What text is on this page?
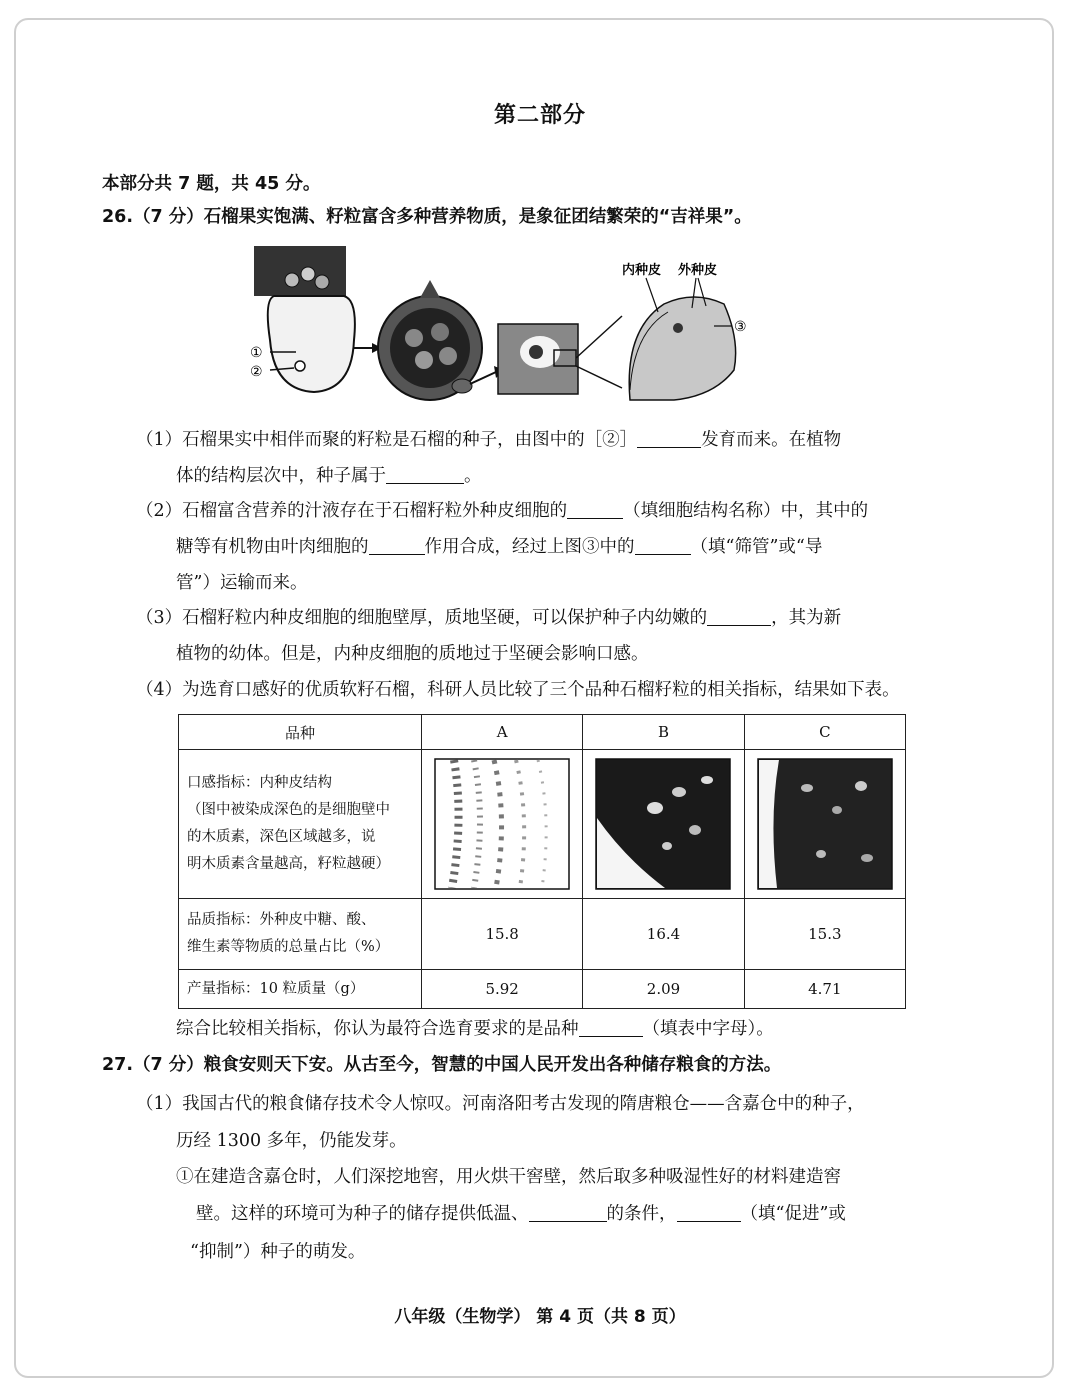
第二部分
本部分共 7 题，共 45 分。
26.（7 分）石榴果实饱满、籽粒富含多种营养物质，是象征团结繁荣的“吉祥果”。
①
②
内种皮 外种皮
③
（1）石榴果实中相伴而聚的籽粒是石榴的种子，由图中的［②］	发育而来。在植物
体的结构层次中，种子属于	。
（2）石榴富含营养的汁液存在于石榴籽粒外种皮细胞的	（填细胞结构名称）中，其中的
糖等有机物由叶肉细胞的	作用合成，经过上图③中的	（填“筛管”或“导
管”）运输而来。
（3）石榴籽粒内种皮细胞的细胞壁厚，质地坚硬，可以保护种子内幼嫩的	，其为新
植物的幼体。但是，内种皮细胞的质地过于坚硬会影响口感。
（4）为选育口感好的优质软籽石榴，科研人员比较了三个品种石榴籽粒的相关指标，结果如下表。
品种	A	B	C

口感指标：内种皮结构
（图中被染成深色的是细胞壁中
的木质素，深色区域越多，说
明木质素含量越高，籽粒越硬）

品质指标：外种皮中糖、酸、
维生素等物质的总量占比（%）	15.8	16.4	15.3
产量指标：10 粒质量（g）	5.92	2.09	4.71
综合比较相关指标，你认为最符合选育要求的是品种	（填表中字母）。
27.（7 分）粮食安则天下安。从古至今，智慧的中国人民开发出各种储存粮食的方法。
（1）我国古代的粮食储存技术令人惊叹。河南洛阳考古发现的隋唐粮仓——含嘉仓中的种子，
历经 1300 多年，仍能发芽。
①在建造含嘉仓时，人们深挖地窖，用火烘干窖壁，然后取多种吸湿性好的材料建造窖
壁。这样的环境可为种子的储存提供低温、	的条件，	（填“促进”或
“抑制”）种子的萌发。
八年级（生物学） 第 4 页（共 8 页）
